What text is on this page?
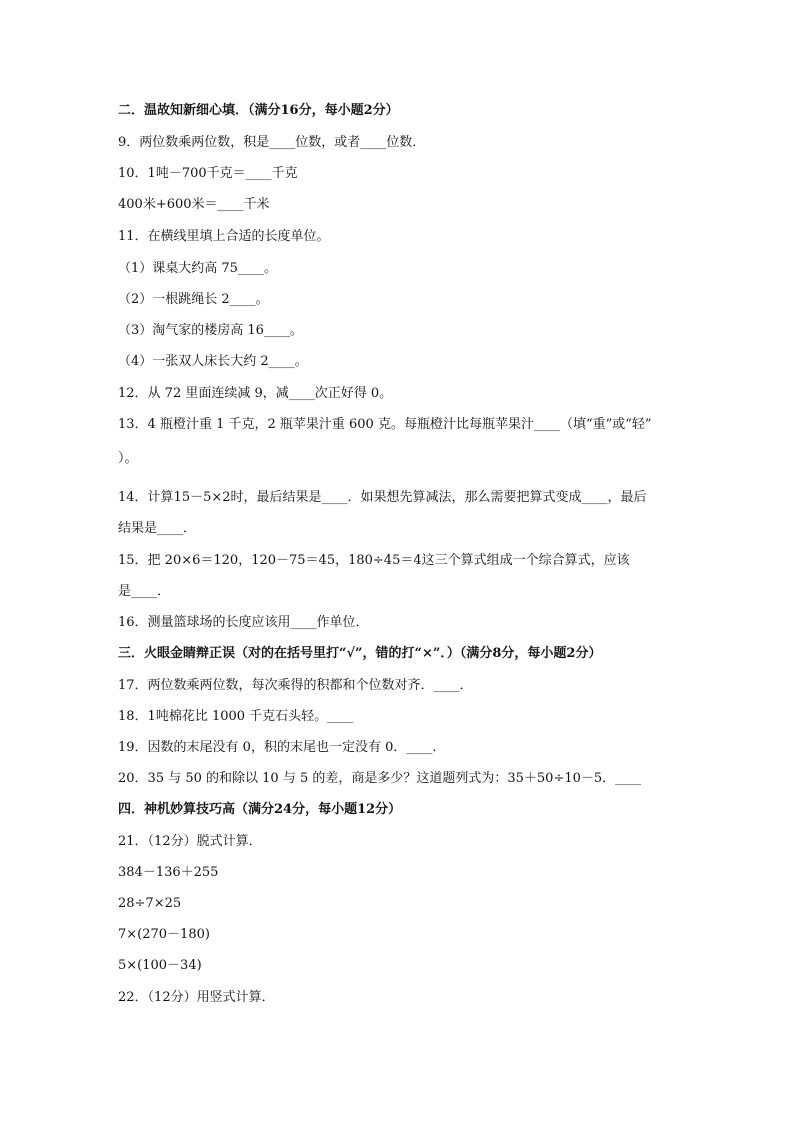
二．温故知新细心填．（满分16分，每小题2分）
9．两位数乘两位数，积是____位数，或者____位数．
10．1吨－700千克＝____千克
400米+600米＝____千米
11．在横线里填上合适的长度单位。
（1）课桌大约高 75____。
（2）一根跳绳长 2____。
（3）淘气家的楼房高 16____。
（4）一张双人床长大约 2____。
12．从 72 里面连续减 9，减____次正好得 0。
13．4 瓶橙汁重 1 千克，2 瓶苹果汁重 600 克。每瓶橙汁比每瓶苹果汁____（填“重”或“轻”
）。
14．计算15－5×2时，最后结果是____．如果想先算减法，那么需要把算式变成____，最后
结果是____．
15．把 20×6＝120，120－75＝45，180÷45＝4这三个算式组成一个综合算式，应该
是____．
16．测量篮球场的长度应该用____作单位．
三．火眼金睛辩正误（对的在括号里打“√”，错的打“×”．）（满分8分，每小题2分）
17．两位数乘两位数，每次乘得的积都和个位数对齐．____．
18．1吨棉花比 1000 千克石头轻。____
19．因数的末尾没有 0，积的末尾也一定没有 0．____．
20．35 与 50 的和除以 10 与 5 的差，商是多少？这道题列式为：35＋50÷10－5．____
四．神机妙算技巧高（满分24分，每小题12分）
21．（12分）脱式计算．
384－136＋255
28÷7×25
7×(270－180)
5×(100－34)
22．（12分）用竖式计算．
